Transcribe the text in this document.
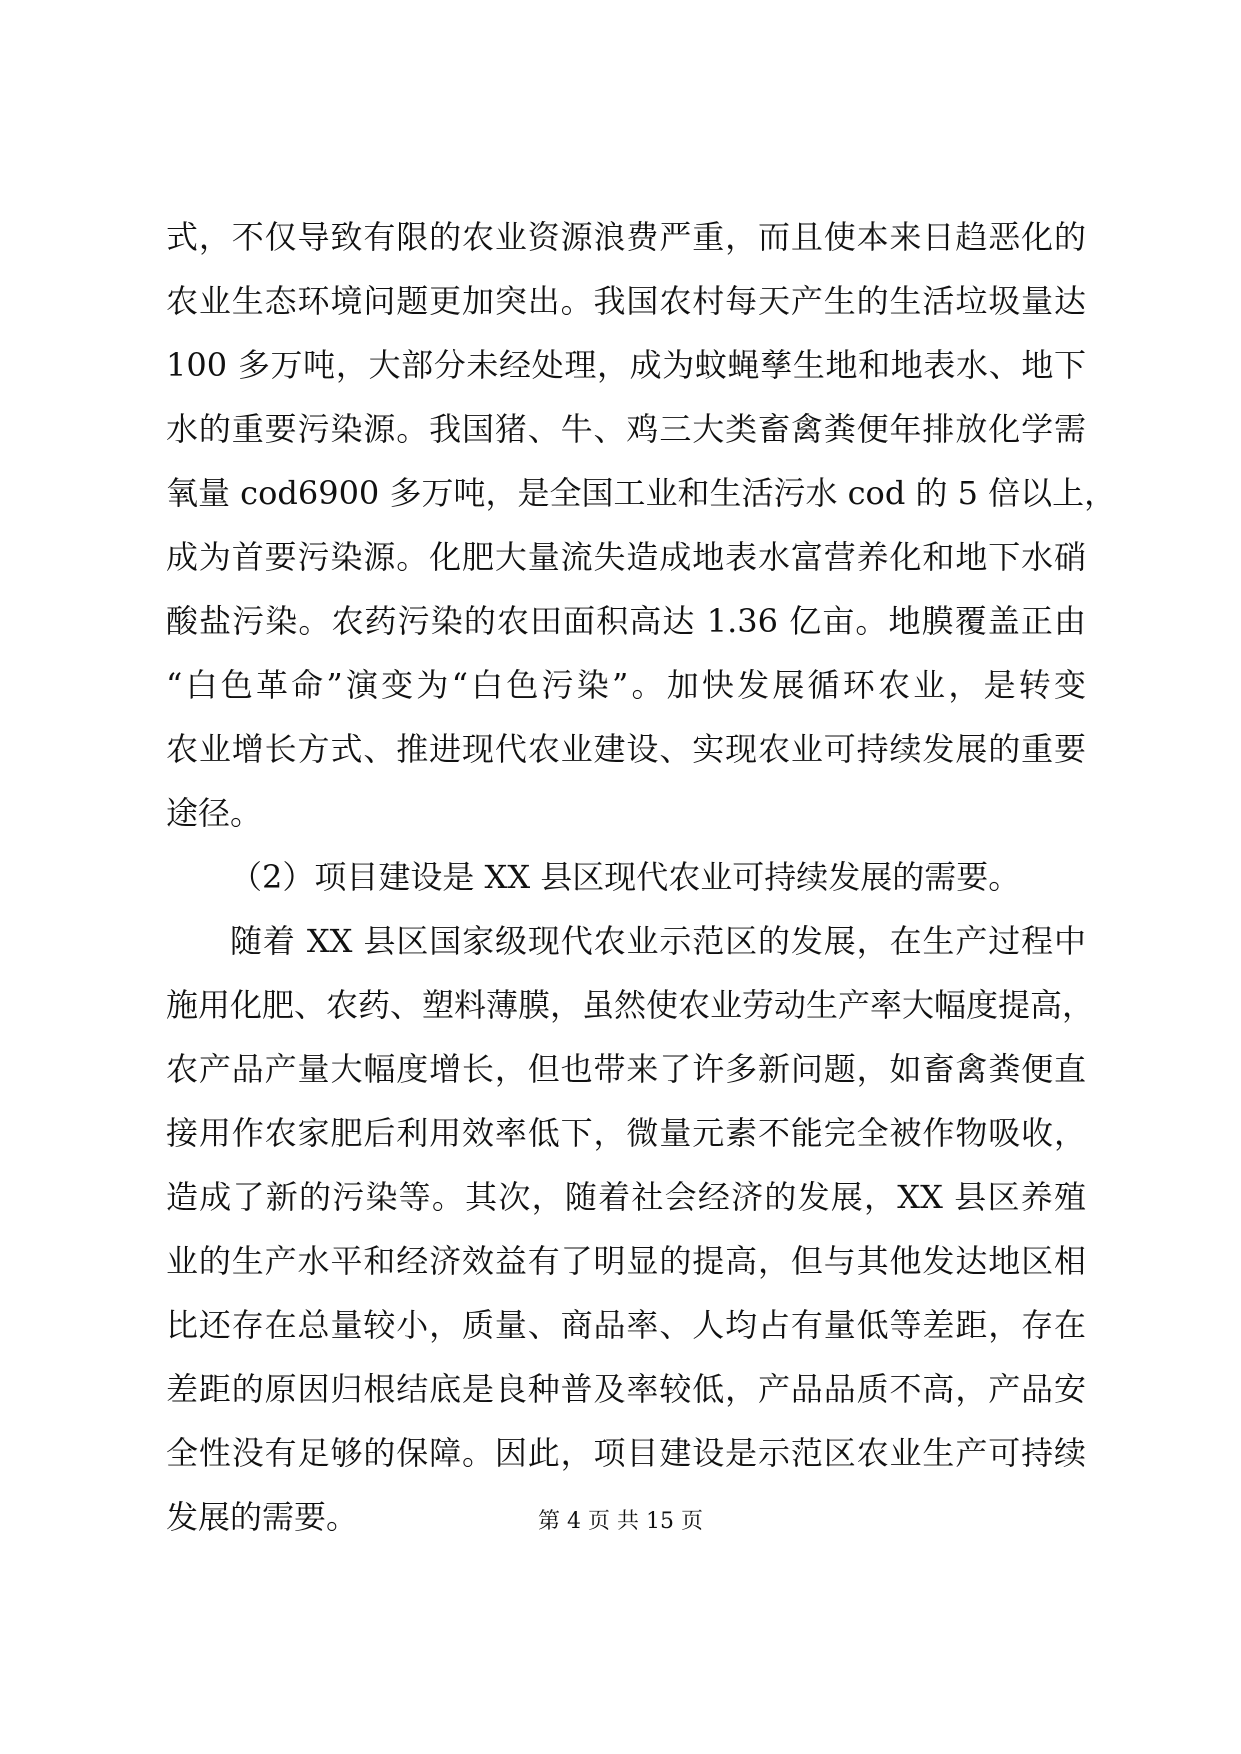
式，不仅导致有限的农业资源浪费严重，而且使本来日趋恶化的
农业生态环境问题更加突出。我国农村每天产生的生活垃圾量达
100 多万吨，大部分未经处理，成为蚊蝇孳生地和地表水、地下
水的重要污染源。我国猪、牛、鸡三大类畜禽粪便年排放化学需
氧量 cod6900 多万吨，是全国工业和生活污水 cod 的 5 倍以上，
成为首要污染源。化肥大量流失造成地表水富营养化和地下水硝
酸盐污染。农药污染的农田面积高达 1.36 亿亩。地膜覆盖正由
“白色革命”演变为“白色污染”。加快发展循环农业，是转变
农业增长方式、推进现代农业建设、实现农业可持续发展的重要
途径。
（2）项目建设是 XX 县区现代农业可持续发展的需要。
随着 XX 县区国家级现代农业示范区的发展，在生产过程中
施用化肥、农药、塑料薄膜，虽然使农业劳动生产率大幅度提高，
农产品产量大幅度增长，但也带来了许多新问题，如畜禽粪便直
接用作农家肥后利用效率低下，微量元素不能完全被作物吸收，
造成了新的污染等。其次，随着社会经济的发展，XX 县区养殖
业的生产水平和经济效益有了明显的提高，但与其他发达地区相
比还存在总量较小，质量、商品率、人均占有量低等差距，存在
差距的原因归根结底是良种普及率较低，产品品质不高，产品安
全性没有足够的保障。因此，项目建设是示范区农业生产可持续
发展的需要。	第 4 页 共 15 页
